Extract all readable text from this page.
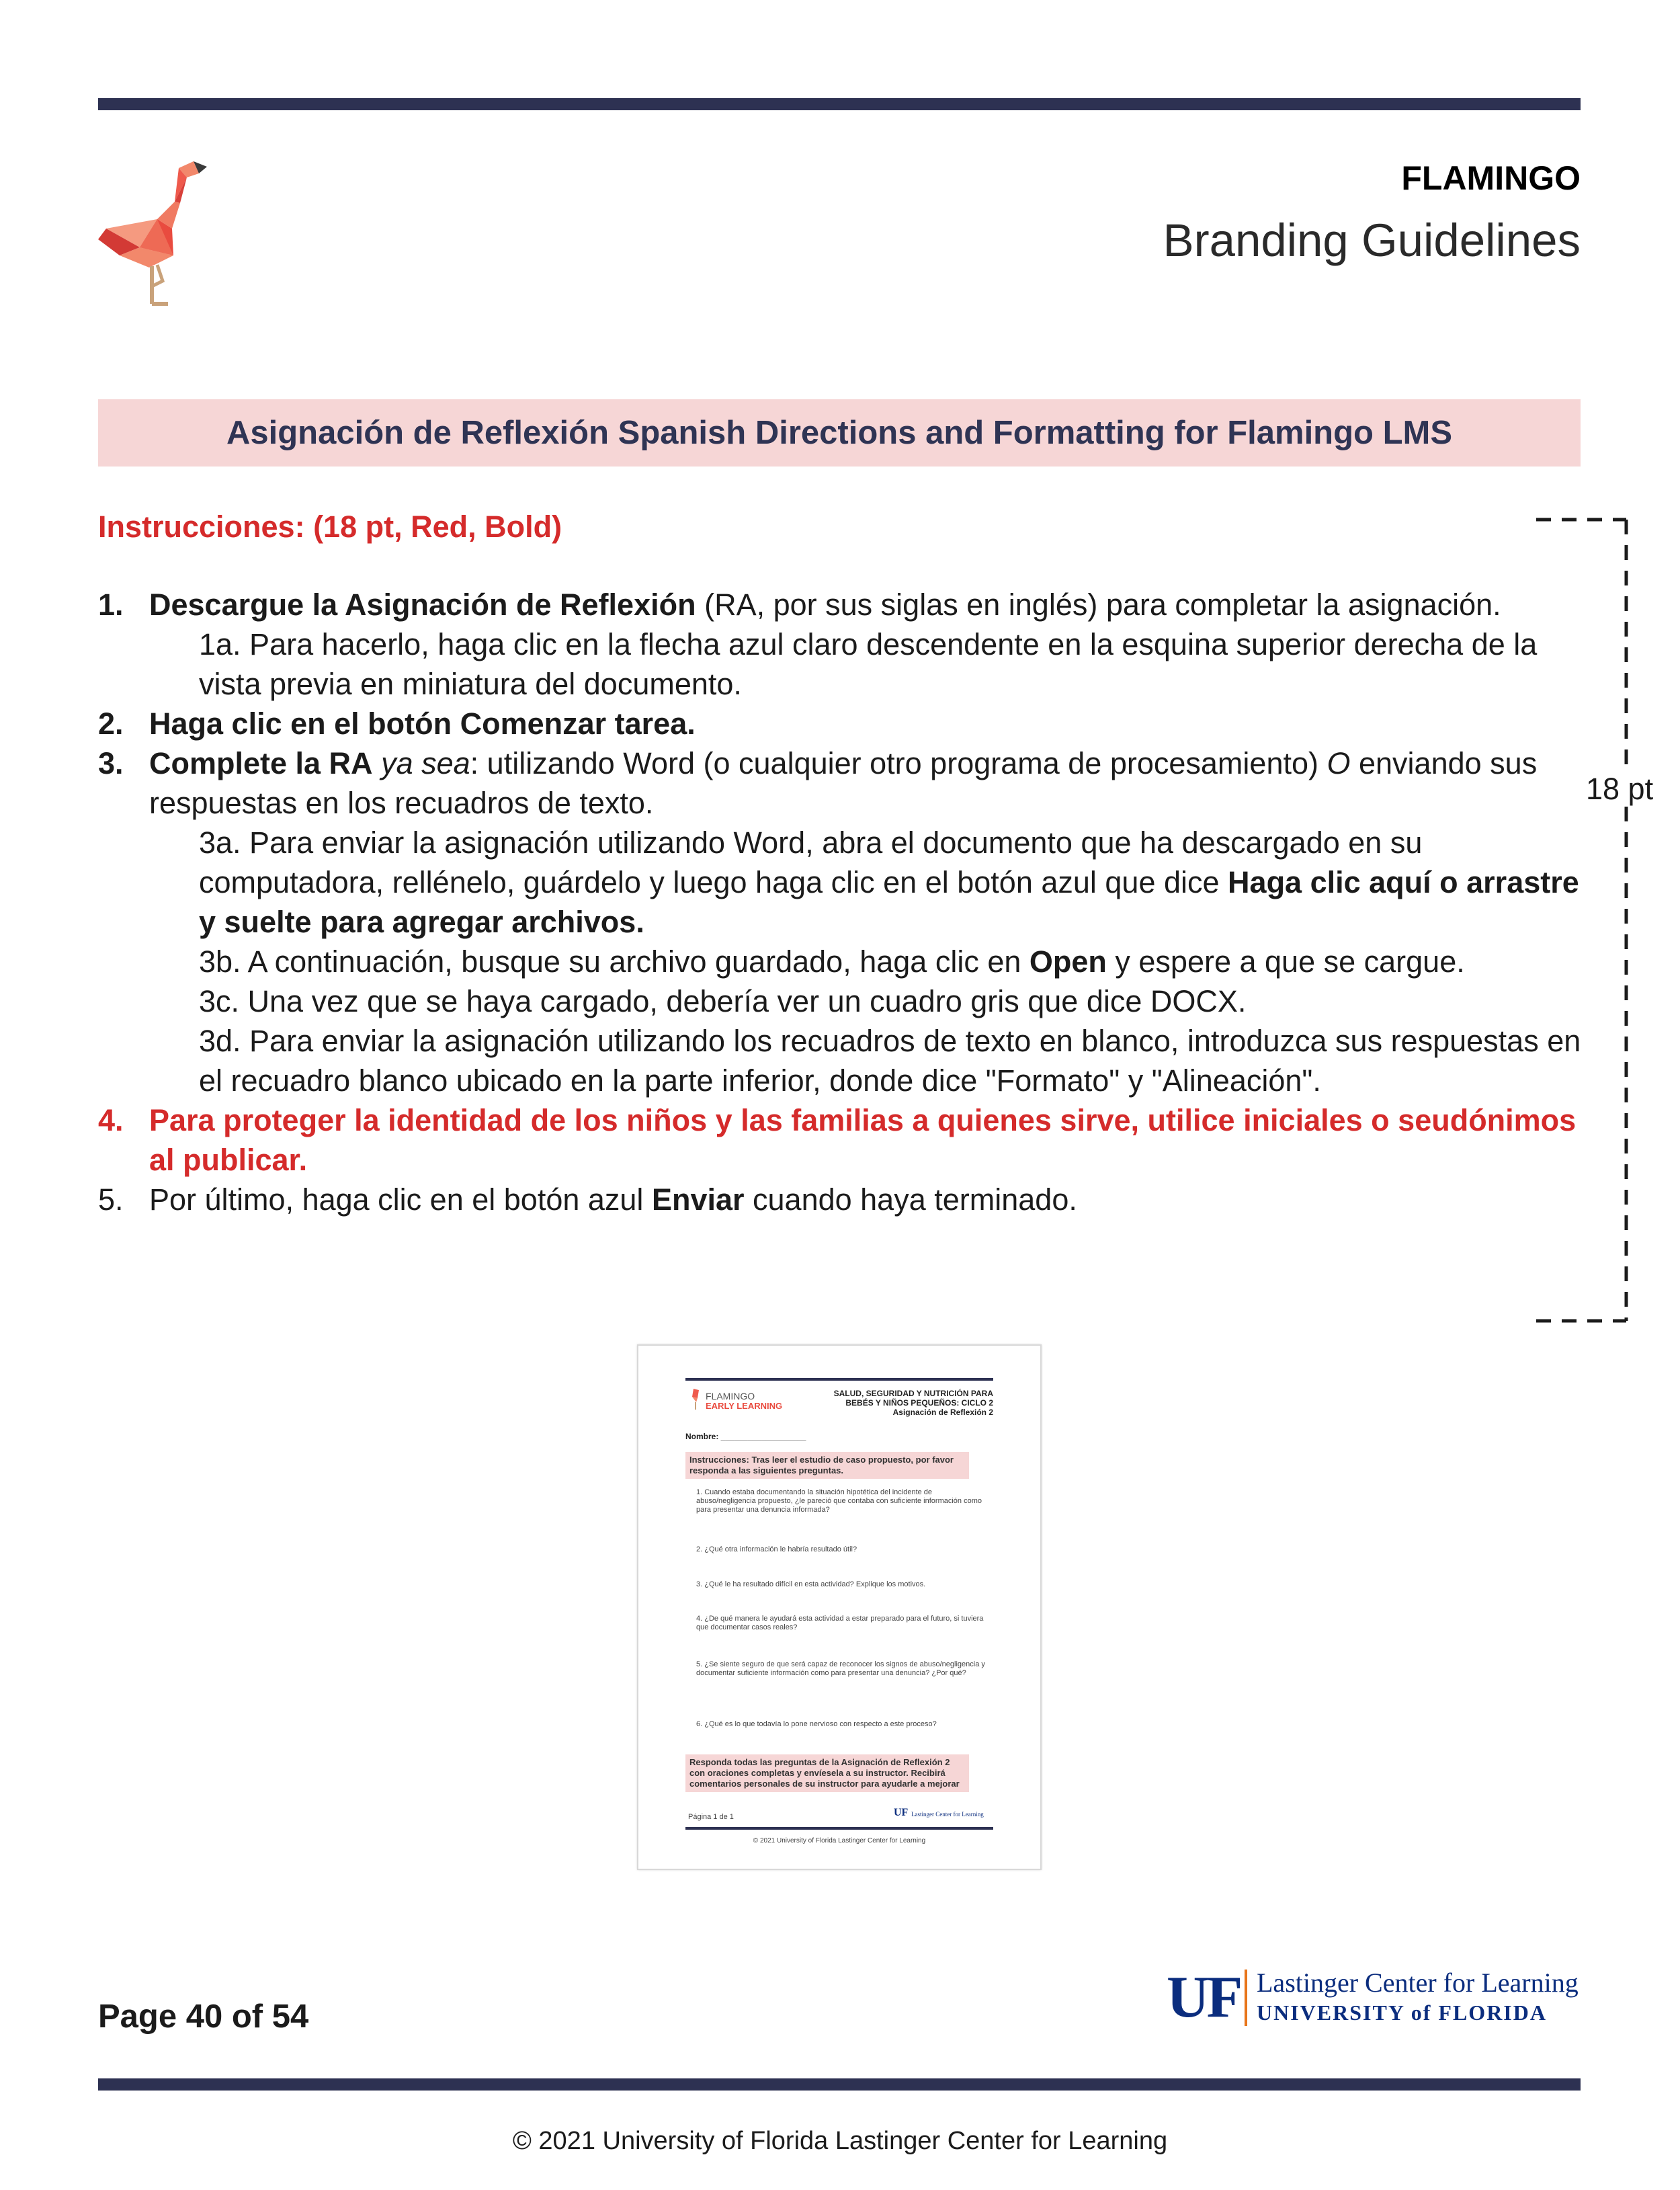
FLAMINGO
Branding Guidelines
Asignación de Reflexión Spanish Directions and Formatting for Flamingo LMS
Instrucciones: (18 pt, Red, Bold)
1. Descargue la Asignación de Reflexión (RA, por sus siglas en inglés) para completar la asignación.
1a. Para hacerlo, haga clic en la flecha azul claro descendente en la esquina superior derecha de la vista previa en miniatura del documento.
2. Haga clic en el botón Comenzar tarea.
3. Complete la RA ya sea: utilizando Word (o cualquier otro programa de procesamiento) O enviando sus respuestas en los recuadros de texto.
3a. Para enviar la asignación utilizando Word, abra el documento que ha descargado en su computadora, rellénelo, guárdelo y luego haga clic en el botón azul que dice Haga clic aquí o arrastre y suelte para agregar archivos.
3b. A continuación, busque su archivo guardado, haga clic en Open y espere a que se cargue.
3c. Una vez que se haya cargado, debería ver un cuadro gris que dice DOCX.
3d. Para enviar la asignación utilizando los recuadros de texto en blanco, introduzca sus respuestas en el recuadro blanco ubicado en la parte inferior, donde dice "Formato" y "Alineación".
4. Para proteger la identidad de los niños y las familias a quienes sirve, utilice iniciales o seudónimos al publicar.
5. Por último, haga clic en el botón azul Enviar cuando haya terminado.
18 pt
FLAMINGO
EARLY LEARNING
SALUD, SEGURIDAD Y NUTRICIÓN PARA
BEBÉS Y NIÑOS PEQUEÑOS: CICLO 2
Asignación de Reflexión 2
Nombre: ___________________
Instrucciones: Tras leer el estudio de caso propuesto, por favor responda a las siguientes preguntas.
1. Cuando estaba documentando la situación hipotética del incidente de abuso/negligencia propuesto, ¿le pareció que contaba con suficiente información como para presentar una denuncia informada?
2. ¿Qué otra información le habría resultado útil?
3. ¿Qué le ha resultado difícil en esta actividad? Explique los motivos.
4. ¿De qué manera le ayudará esta actividad a estar preparado para el futuro, si tuviera que documentar casos reales?
5. ¿Se siente seguro de que será capaz de reconocer los signos de abuso/negligencia y documentar suficiente información como para presentar una denuncia? ¿Por qué?
6. ¿Qué es lo que todavía lo pone nervioso con respecto a este proceso?
Responda todas las preguntas de la Asignación de Reflexión 2 con oraciones completas y envíesela a su instructor. Recibirá comentarios personales de su instructor para ayudarle a mejorar
Página 1 de 1	UF Lastinger Center for Learning
© 2021 University of Florida Lastinger Center for Learning
Page 40 of 54	UF Lastinger Center for Learning
UNIVERSITY of FLORIDA
© 2021 University of Florida Lastinger Center for Learning
